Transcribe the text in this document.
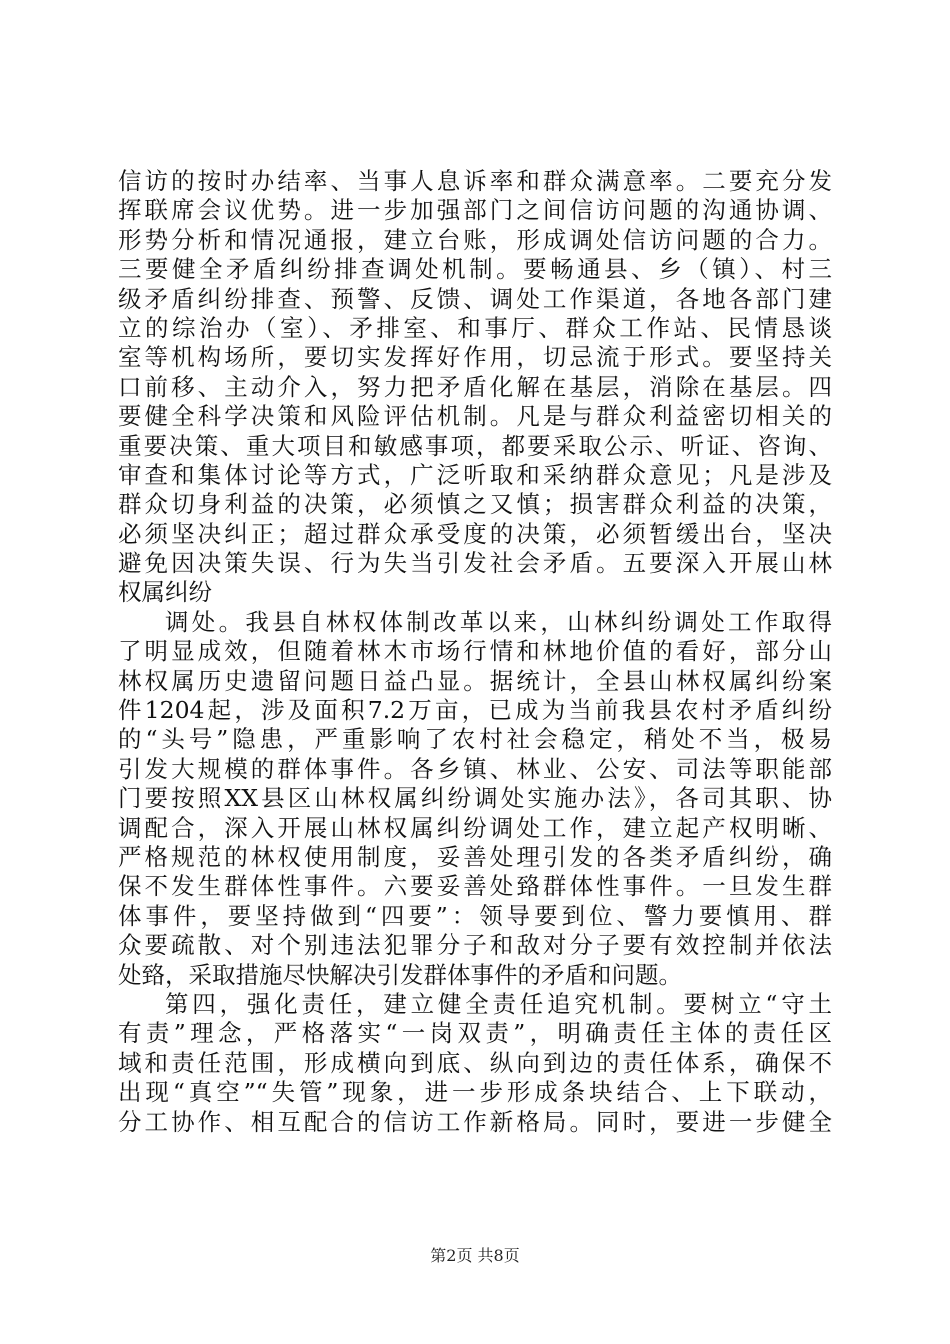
信访的按时办结率、当事人息诉率和群众满意率。二要充分发
挥联席会议优势。进一步加强部门之间信访问题的沟通协调、
形势分析和情况通报，建立台账，形成调处信访问题的合力。
三要健全矛盾纠纷排查调处机制。要畅通县、乡（镇）、村三
级矛盾纠纷排查、预警、反馈、调处工作渠道，各地各部门建
立的综治办（室）、矛排室、和事厅、群众工作站、民情恳谈
室等机构场所，要切实发挥好作用，切忌流于形式。要坚持关
口前移、主动介入，努力把矛盾化解在基层，消除在基层。四
要健全科学决策和风险评估机制。凡是与群众利益密切相关的
重要决策、重大项目和敏感事项，都要采取公示、听证、咨询、
审查和集体讨论等方式，广泛听取和采纳群众意见；凡是涉及
群众切身利益的决策，必须慎之又慎；损害群众利益的决策，
必须坚决纠正；超过群众承受度的决策，必须暂缓出台，坚决
避免因决策失误、行为失当引发社会矛盾。五要深入开展山林
权属纠纷
调处。我县自林权体制改革以来，山林纠纷调处工作取得
了明显成效，但随着林木市场行情和林地价值的看好，部分山
林权属历史遗留问题日益凸显。据统计，全县山林权属纠纷案
件1204起，涉及面积7.2万亩，已成为当前我县农村矛盾纠纷
的“头号”隐患，严重影响了农村社会稳定，稍处不当，极易
引发大规模的群体事件。各乡镇、林业、公安、司法等职能部
门要按照XX县区山林权属纠纷调处实施办法》，各司其职、协
调配合，深入开展山林权属纠纷调处工作，建立起产权明晰、
严格规范的林权使用制度，妥善处理引发的各类矛盾纠纷，确
保不发生群体性事件。六要妥善处臵群体性事件。一旦发生群
体事件，要坚持做到“四要”：领导要到位、警力要慎用、群
众要疏散、对个别违法犯罪分子和敌对分子要有效控制并依法
处臵，采取措施尽快解决引发群体事件的矛盾和问题。
第四，强化责任，建立健全责任追究机制。要树立“守土
有责”理念，严格落实“一岗双责”，明确责任主体的责任区
域和责任范围，形成横向到底、纵向到边的责任体系，确保不
出现“真空”“失管”现象，进一步形成条块结合、上下联动，
分工协作、相互配合的信访工作新格局。同时，要进一步健全
第2页 共8页
